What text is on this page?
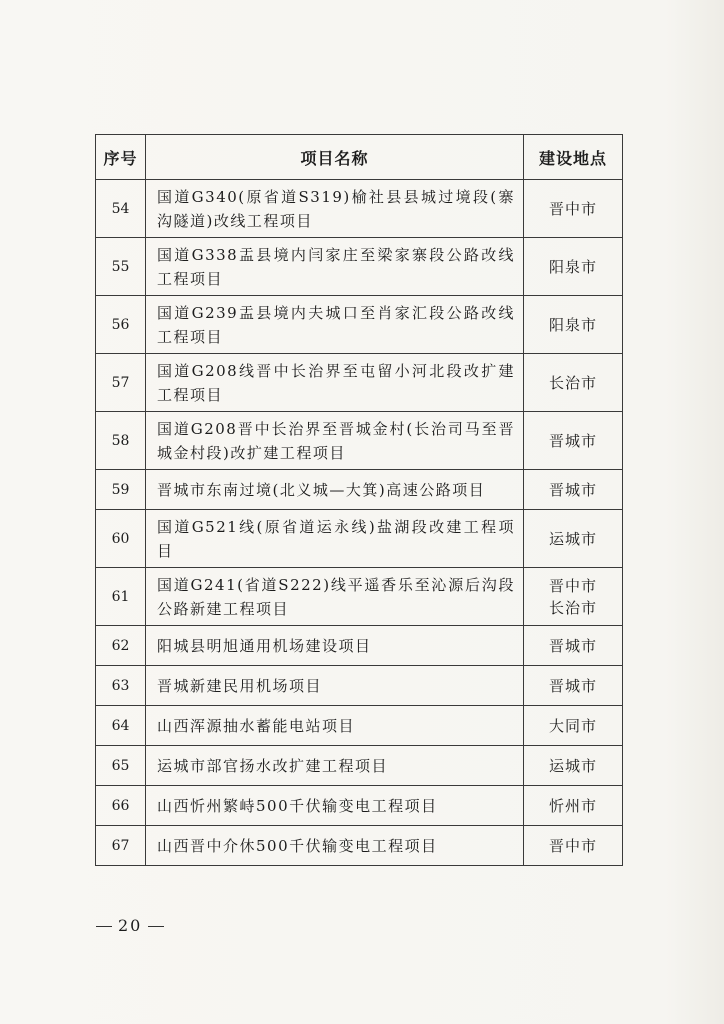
序号	项目名称	建设地点
54	国道G340(原省道S319)榆社县县城过境段(寨沟隧道)改线工程项目	晋中市

55	国道G338盂县境内闫家庄至梁家寨段公路改线工程项目	阳泉市

56	国道G239盂县境内夫城口至肖家汇段公路改线工程项目	阳泉市

57	国道G208线晋中长治界至屯留小河北段改扩建工程项目	长治市

58	国道G208晋中长治界至晋城金村(长治司马至晋城金村段)改扩建工程项目	晋城市

59	晋城市东南过境(北义城—大箕)高速公路项目	晋城市

60	国道G521线(原省道运永线)盐湖段改建工程项目	运城市

61	国道G241(省道S222)线平遥香乐至沁源后沟段公路新建工程项目	晋中市
长治市

62	阳城县明旭通用机场建设项目	晋城市

63	晋城新建民用机场项目	晋城市

64	山西浑源抽水蓄能电站项目	大同市

65	运城市部官扬水改扩建工程项目	运城市

66	山西忻州繁峙500千伏输变电工程项目	忻州市

67	山西晋中介休500千伏输变电工程项目	晋中市
20
